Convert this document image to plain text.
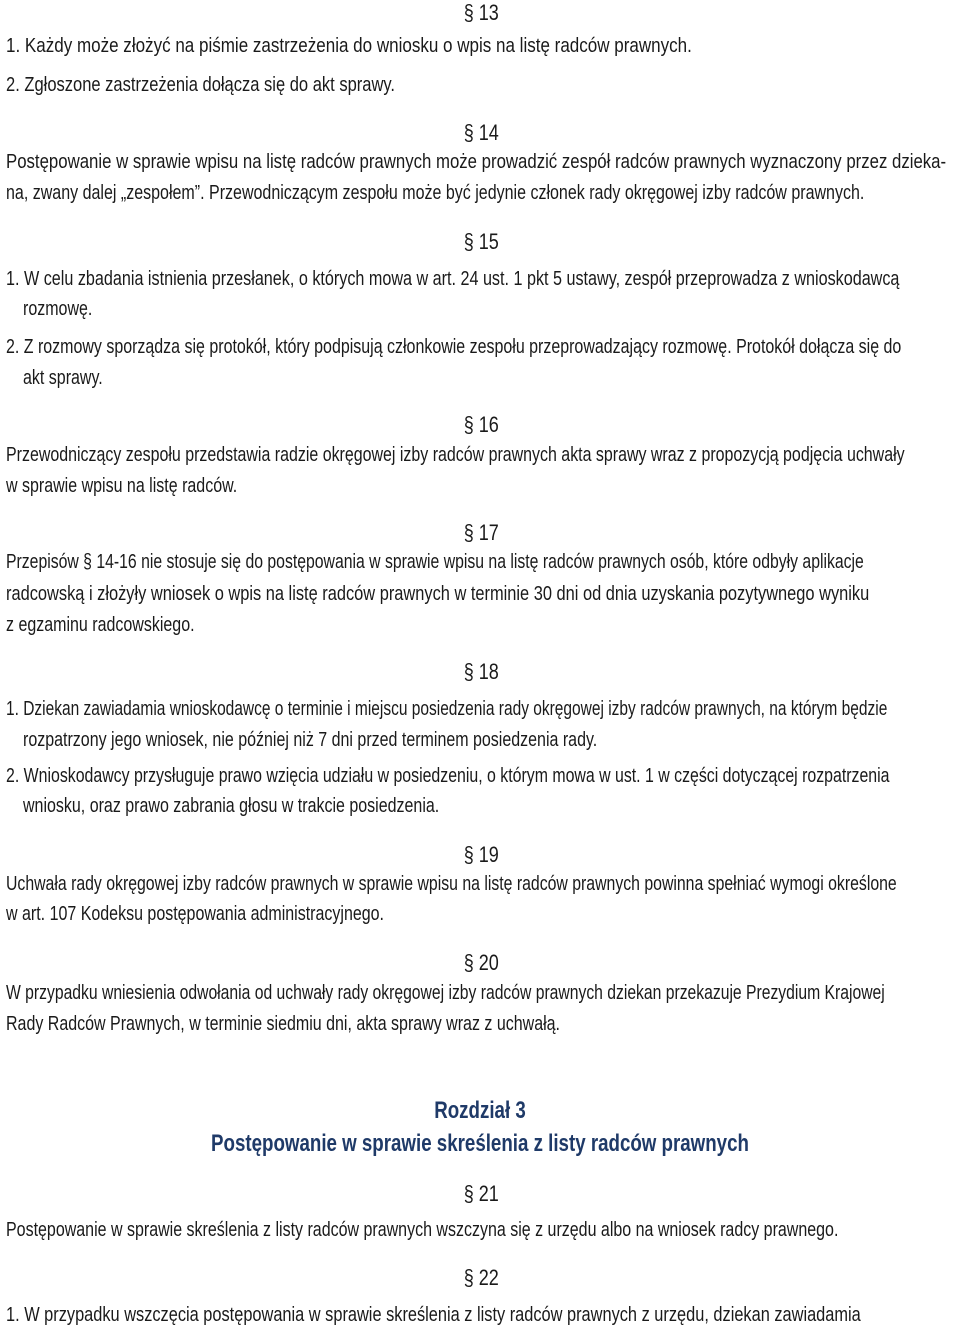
§ 13
1. Każdy może złożyć na piśmie zastrzeżenia do wniosku o wpis na listę radców prawnych.
2. Zgłoszone zastrzeżenia dołącza się do akt sprawy.
§ 14
Postępowanie w sprawie wpisu na listę radców prawnych może prowadzić zespół radców prawnych wyznaczony przez dzieka-
na, zwany dalej „zespołem”. Przewodniczącym zespołu może być jedynie członek rady okręgowej izby radców prawnych.
§ 15
1. W celu zbadania istnienia przesłanek, o których mowa w art. 24 ust. 1 pkt 5 ustawy, zespół przeprowadza z wnioskodawcą
rozmowę.
2. Z rozmowy sporządza się protokół, który podpisują członkowie zespołu przeprowadzający rozmowę. Protokół dołącza się do
akt sprawy.
§ 16
Przewodniczący zespołu przedstawia radzie okręgowej izby radców prawnych akta sprawy wraz z propozycją podjęcia uchwały
w sprawie wpisu na listę radców.
§ 17
Przepisów § 14-16 nie stosuje się do postępowania w sprawie wpisu na listę radców prawnych osób, które odbyły aplikacje
radcowską i złożyły wniosek o wpis na listę radców prawnych w terminie 30 dni od dnia uzyskania pozytywnego wyniku
z egzaminu radcowskiego.
§ 18
1. Dziekan zawiadamia wnioskodawcę o terminie i miejscu posiedzenia rady okręgowej izby radców prawnych, na którym będzie
rozpatrzony jego wniosek, nie później niż 7 dni przed terminem posiedzenia rady.
2. Wnioskodawcy przysługuje prawo wzięcia udziału w posiedzeniu, o którym mowa w ust. 1 w części dotyczącej rozpatrzenia
wniosku, oraz prawo zabrania głosu w trakcie posiedzenia.
§ 19
Uchwała rady okręgowej izby radców prawnych w sprawie wpisu na listę radców prawnych powinna spełniać wymogi określone
w art. 107 Kodeksu postępowania administracyjnego.
§ 20
W przypadku wniesienia odwołania od uchwały rady okręgowej izby radców prawnych dziekan przekazuje Prezydium Krajowej
Rady Radców Prawnych, w terminie siedmiu dni, akta sprawy wraz z uchwałą.
Rozdział 3
Postępowanie w sprawie skreślenia z listy radców prawnych
§ 21
Postępowanie w sprawie skreślenia z listy radców prawnych wszczyna się z urzędu albo na wniosek radcy prawnego.
§ 22
1. W przypadku wszczęcia postępowania w sprawie skreślenia z listy radców prawnych z urzędu, dziekan zawiadamia
